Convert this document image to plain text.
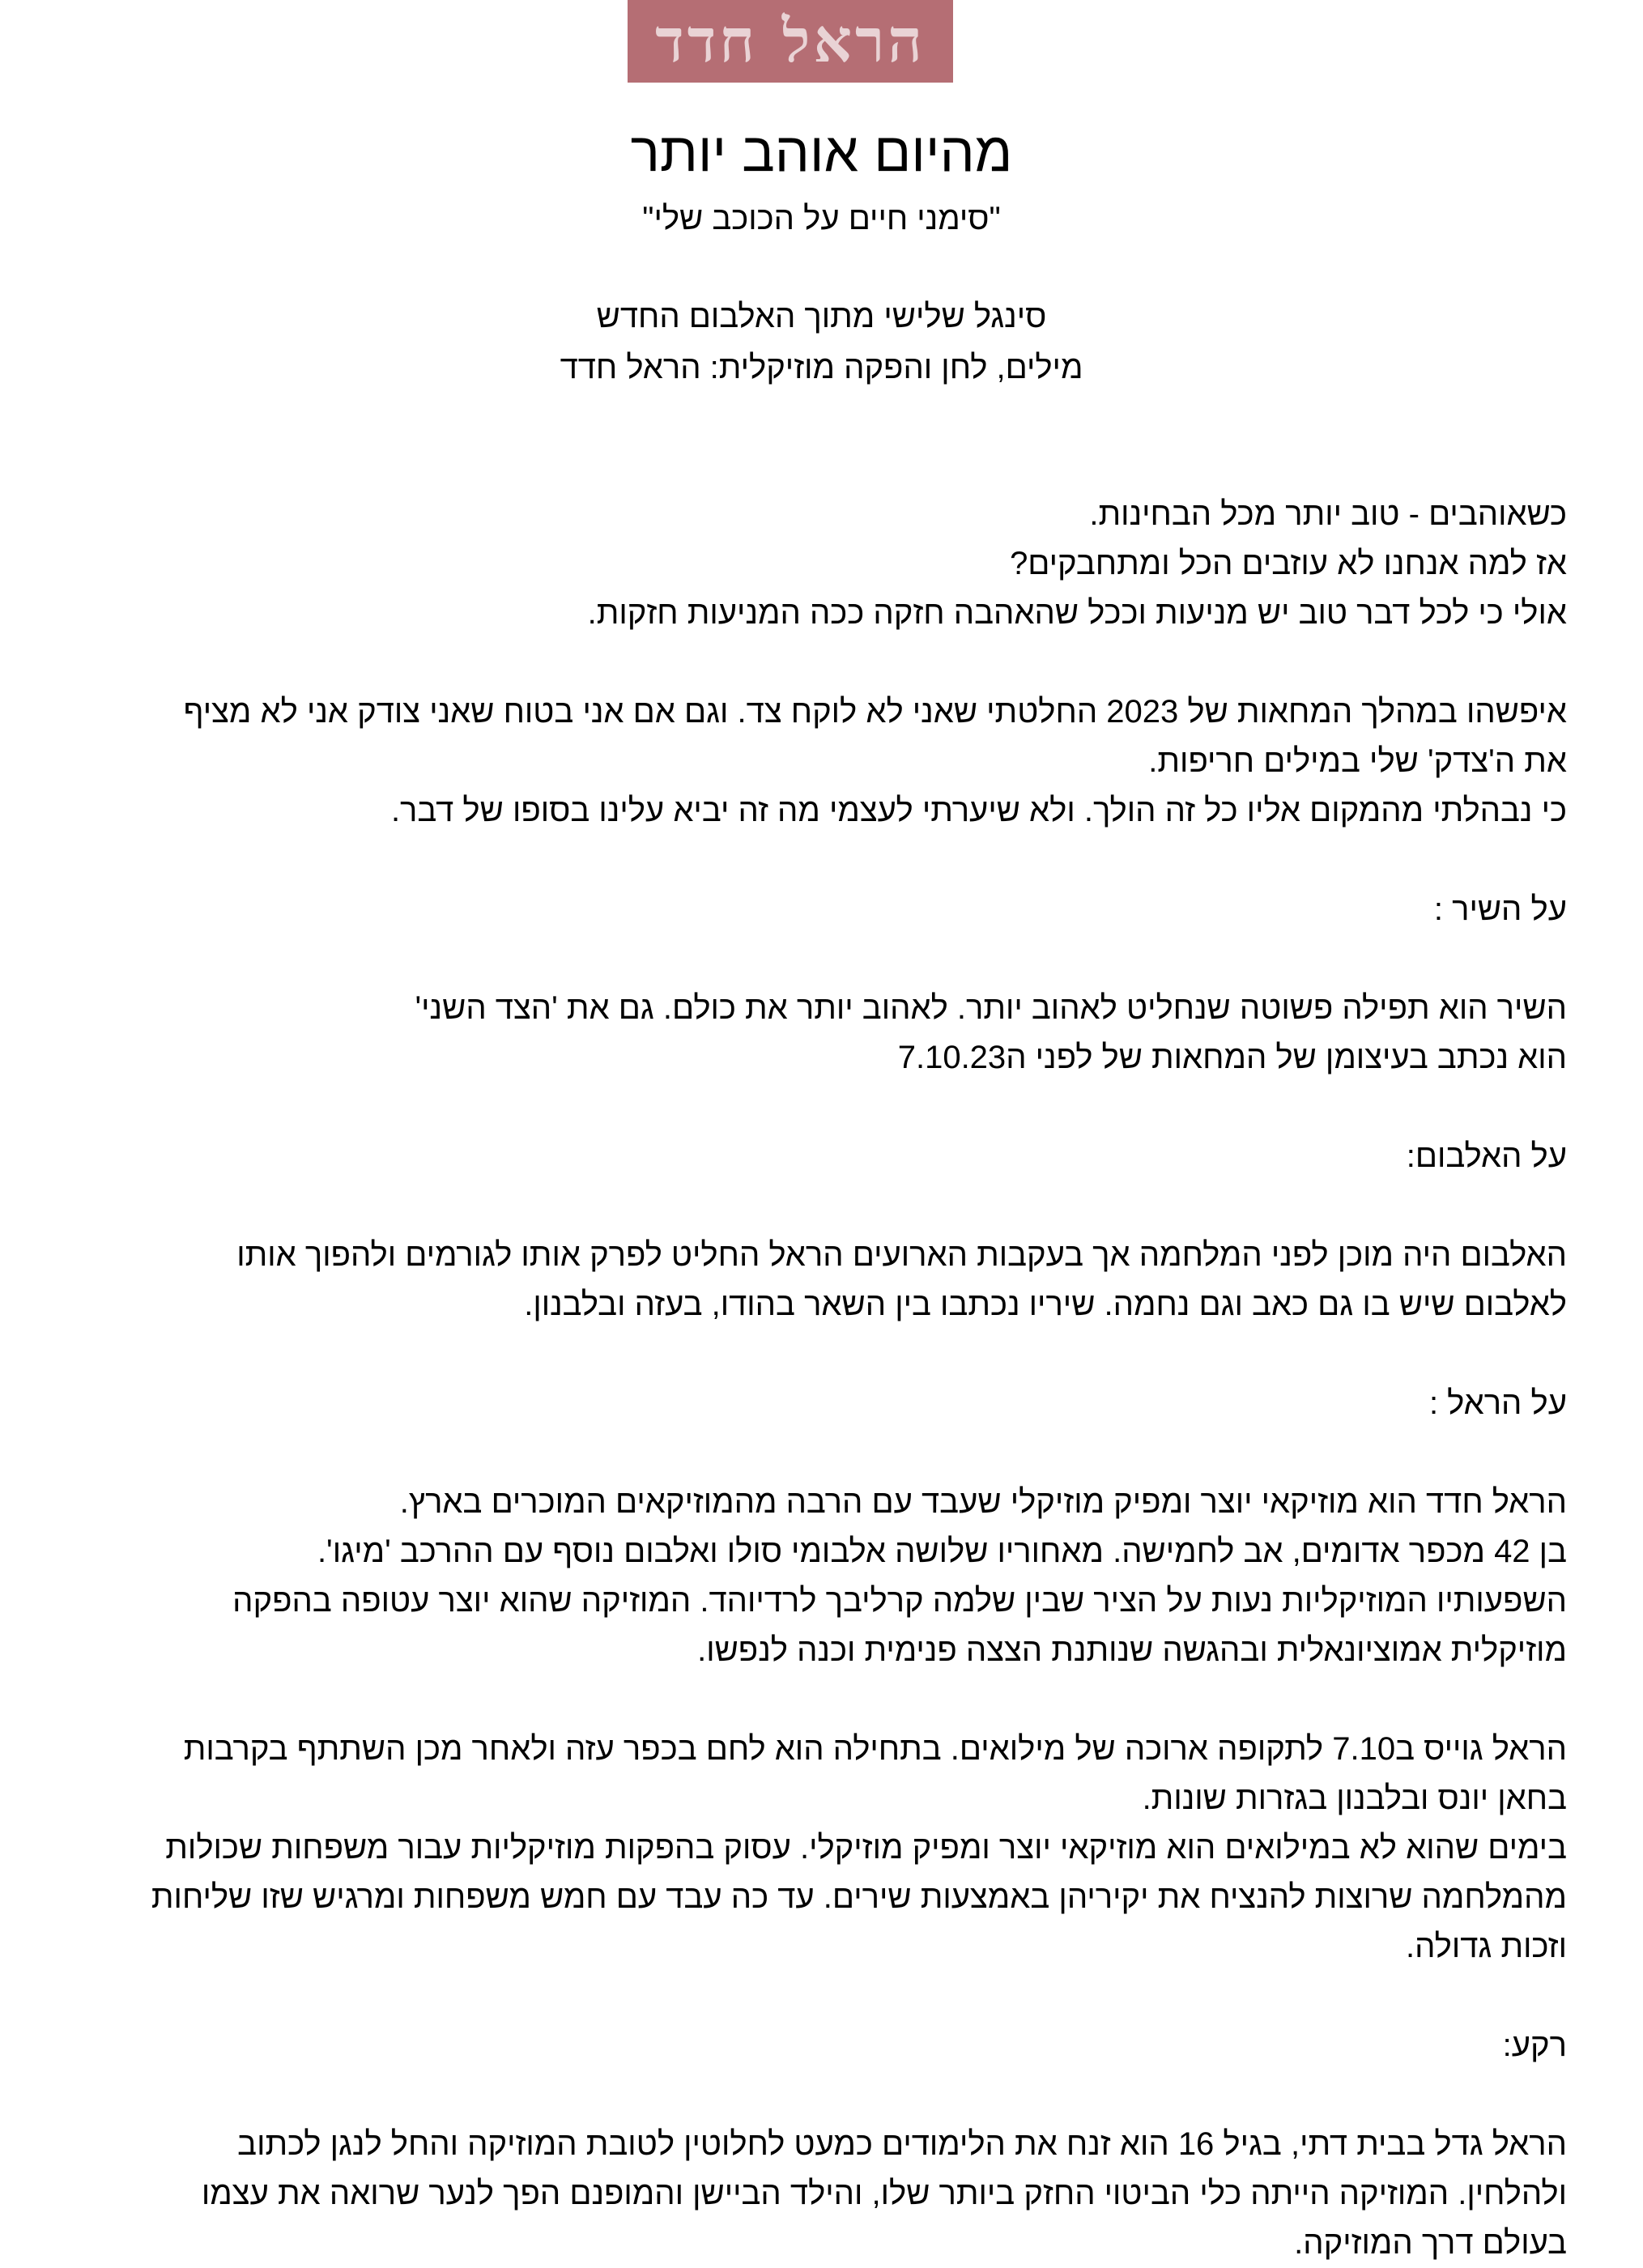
הראל חדד
מהיום אוהב יותר
"סימני חיים על הכוכב שלי"
סינגל שלישי מתוך האלבום החדש
מילים, לחן והפקה מוזיקלית: הראל חדד
כשאוהבים - טוב יותר מכל הבחינות.
אז למה אנחנו לא עוזבים הכל ומתחבקים?
אולי כי לכל דבר טוב יש מניעות וככל שהאהבה חזקה ככה המניעות חזקות.
איפשהו במהלך המחאות של 2023 החלטתי שאני לא לוקח צד. וגם אם אני בטוח שאני צודק אני לא מציף
את ה'צדק' שלי במילים חריפות.
כי נבהלתי מהמקום אליו כל זה הולך. ולא שיערתי לעצמי מה זה יביא עלינו בסופו של דבר.
על השיר :
השיר הוא תפילה פשוטה שנחליט לאהוב יותר. לאהוב יותר את כולם. גם את 'הצד השני'
הוא נכתב בעיצומן של המחאות של לפני ה7.10.23
על האלבום:
האלבום היה מוכן לפני המלחמה אך בעקבות הארועים הראל החליט לפרק אותו לגורמים ולהפוך אותו
לאלבום שיש בו גם כאב וגם נחמה. שיריו נכתבו בין השאר בהודו, בעזה ובלבנון.
על הראל :
הראל חדד הוא מוזיקאי יוצר ומפיק מוזיקלי שעבד עם הרבה מהמוזיקאים המוכרים בארץ.
בן 42 מכפר אדומים, אב לחמישה. מאחוריו שלושה אלבומי סולו ואלבום נוסף עם ההרכב 'מיגו'.
השפעותיו המוזיקליות נעות על הציר שבין שלמה קרליבך לרדיוהד. המוזיקה שהוא יוצר עטופה בהפקה
מוזיקלית אמוציונאלית ובהגשה שנותנת הצצה פנימית וכנה לנפשו.
הראל גוייס ב7.10 לתקופה ארוכה של מילואים. בתחילה הוא לחם בכפר עזה ולאחר מכן השתתף בקרבות
בחאן יונס ובלבנון בגזרות שונות.
בימים שהוא לא במילואים הוא מוזיקאי יוצר ומפיק מוזיקלי. עסוק בהפקות מוזיקליות עבור משפחות שכולות
מהמלחמה שרוצות להנציח את יקיריהן באמצעות שירים. עד כה עבד עם חמש משפחות ומרגיש שזו שליחות
וזכות גדולה.
רקע:
הראל גדל בבית דתי, בגיל 16 הוא זנח את הלימודים כמעט לחלוטין לטובת המוזיקה והחל לנגן לכתוב
ולהלחין. המוזיקה הייתה כלי הביטוי החזק ביותר שלו, והילד הביישן והמופנם הפך לנער שרואה את עצמו
בעולם דרך המוזיקה.
